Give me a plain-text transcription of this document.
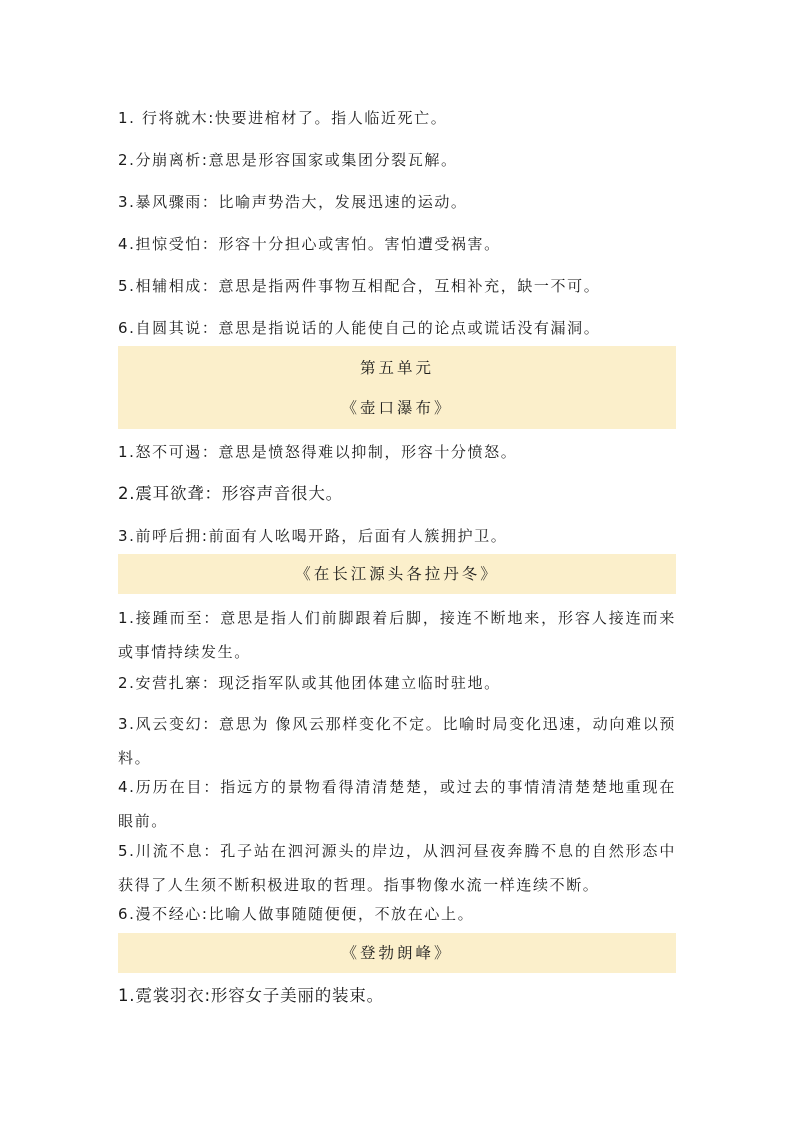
1. 行将就木:快要进棺材了。指人临近死亡。
2.分崩离析:意思是形容国家或集团分裂瓦解。
3.暴风骤雨：比喻声势浩大，发展迅速的运动。
4.担惊受怕：形容十分担心或害怕。害怕遭受祸害。
5.相辅相成：意思是指两件事物互相配合，互相补充，缺一不可。
6.自圆其说：意思是指说话的人能使自己的论点或谎话没有漏洞。
第五单元
《壶口瀑布》
1.怒不可遏：意思是愤怒得难以抑制，形容十分愤怒。
2.震耳欲聋：形容声音很大。
3.前呼后拥:前面有人吆喝开路，后面有人簇拥护卫。
《在长江源头各拉丹冬》
1.接踵而至：意思是指人们前脚跟着后脚，接连不断地来，形容人接连而来或事情持续发生。
2.安营扎寨：现泛指军队或其他团体建立临时驻地。
3.风云变幻：意思为 像风云那样变化不定。比喻时局变化迅速，动向难以预料。
4.历历在目：指远方的景物看得清清楚楚，或过去的事情清清楚楚地重现在眼前。
5.川流不息：孔子站在泗河源头的岸边，从泗河昼夜奔腾不息的自然形态中获得了人生须不断积极进取的哲理。指事物像水流一样连续不断。
6.漫不经心:比喻人做事随随便便，不放在心上。
《登勃朗峰》
1.霓裳羽衣:形容女子美丽的装束。
